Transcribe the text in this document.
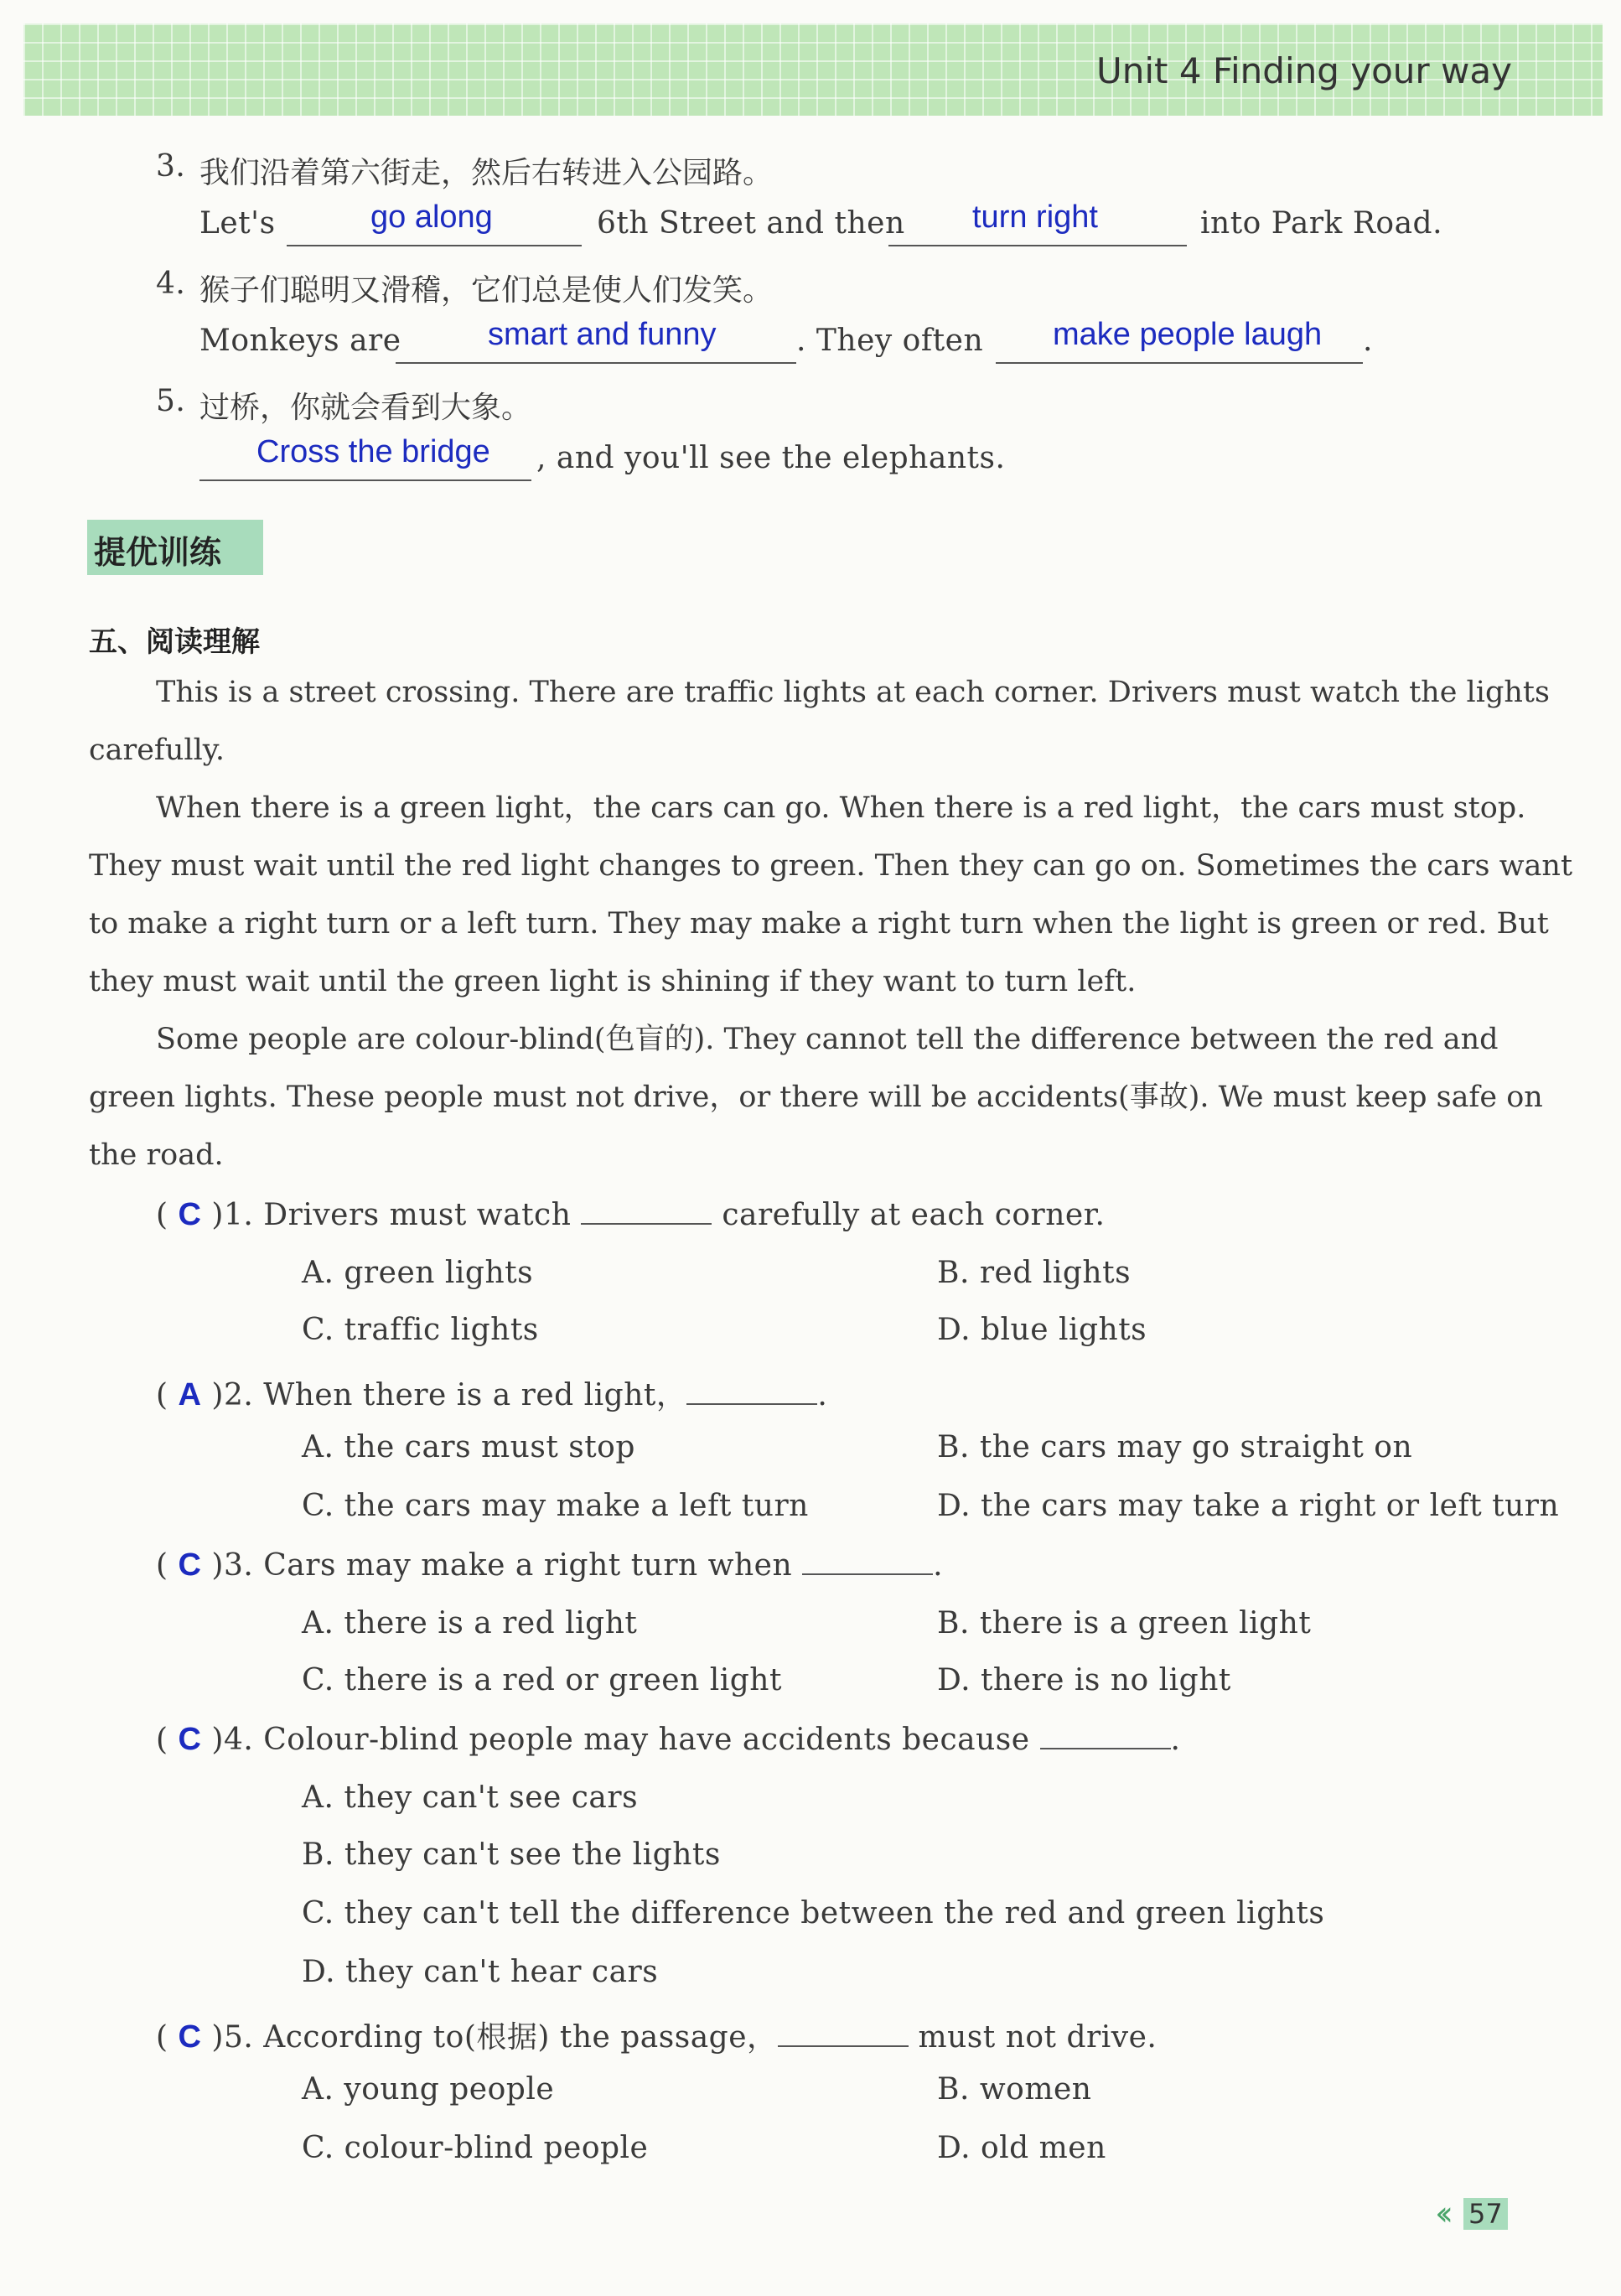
Unit 4 Finding your way
3. 我们沿着第六街走，然后右转进入公园路。
Let's	go along	6th Street and then turn right	into Park Road.
4. 猴子们聪明又滑稽，它们总是使人们发笑。
Monkeys are	smart and funny	. They often make people laugh .
5. 过桥，你就会看到大象。
Cross the bridge , and you'll see the elephants.
提优训练
五、阅读理解
This is a street crossing. There are traffic lights at each corner. Drivers must watch the lights
carefully.
When there is a green light，the cars can go. When there is a red light，the cars must stop.
They must wait until the red light changes to green. Then they can go on. Sometimes the cars want
to make a right turn or a left turn. They may make a right turn when the light is green or red. But
they must wait until the green light is shining if they want to turn left.
Some people are colour-blind(色盲的). They cannot tell the difference between the red and
green lights. These people must not drive，or there will be accidents(事故). We must keep safe on
the road.
( C )1. Drivers must watch	carefully at each corner.
A. green lights	B. red lights
C. traffic lights	D. blue lights
( A )2. When there is a red light，	.
A. the cars must stop	B. the cars may go straight on
C. the cars may make a left turn	D. the cars may take a right or left turn
( C )3. Cars may make a right turn when	.
A. there is a red light	B. there is a green light
C. there is a red or green light	D. there is no light
( C )4. Colour-blind people may have accidents because	.
A. they can't see cars
B. they can't see the lights
C. they can't tell the difference between the red and green lights
D. they can't hear cars
( C )5. According to(根据) the passage，	must not drive.
A. young people	B. women
C. colour-blind people	D. old men
‹‹ 57
